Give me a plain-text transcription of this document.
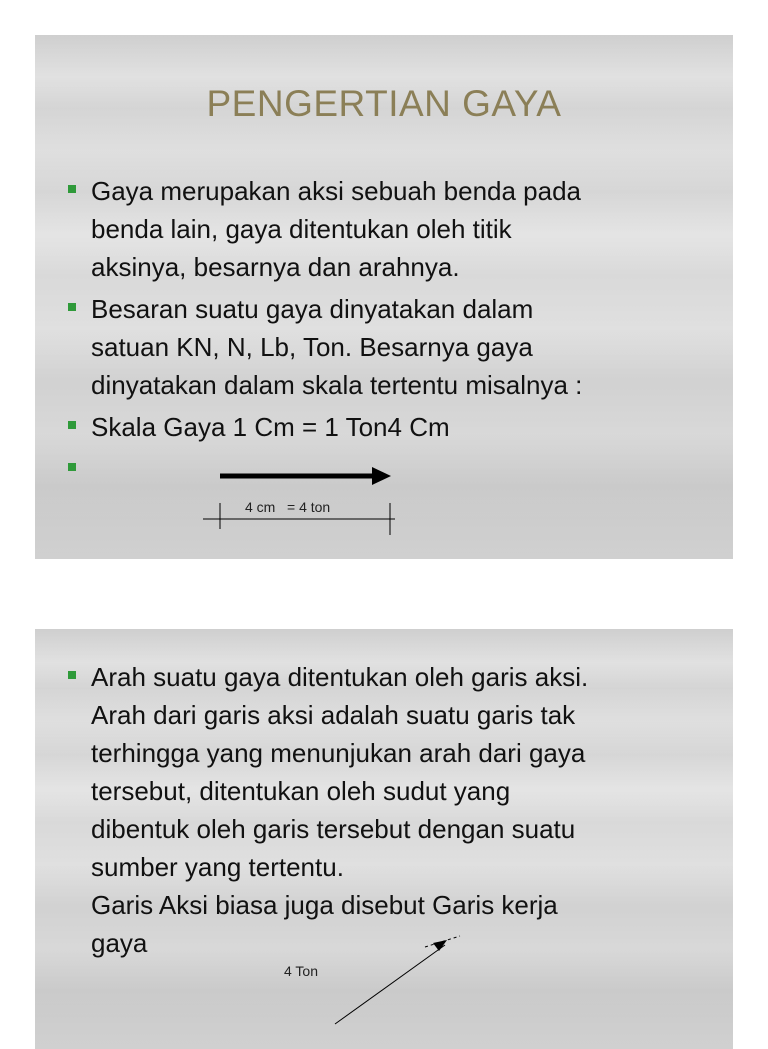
PENGERTIAN GAYA
Gaya merupakan aksi sebuah benda pada
benda lain, gaya ditentukan oleh titik
aksinya, besarnya dan arahnya.
Besaran suatu gaya dinyatakan dalam
satuan KN, N, Lb, Ton. Besarnya gaya
dinyatakan dalam skala tertentu misalnya :
Skala Gaya 1 Cm = 1 Ton4 Cm

4 cm   = 4 ton
Arah suatu gaya ditentukan oleh garis aksi.
Arah dari garis aksi adalah suatu garis tak
terhingga yang menunjukan arah dari gaya
tersebut, ditentukan oleh sudut yang
dibentuk oleh garis tersebut dengan suatu
sumber yang tertentu.
Garis Aksi biasa juga disebut Garis kerja
gaya
4 Ton
